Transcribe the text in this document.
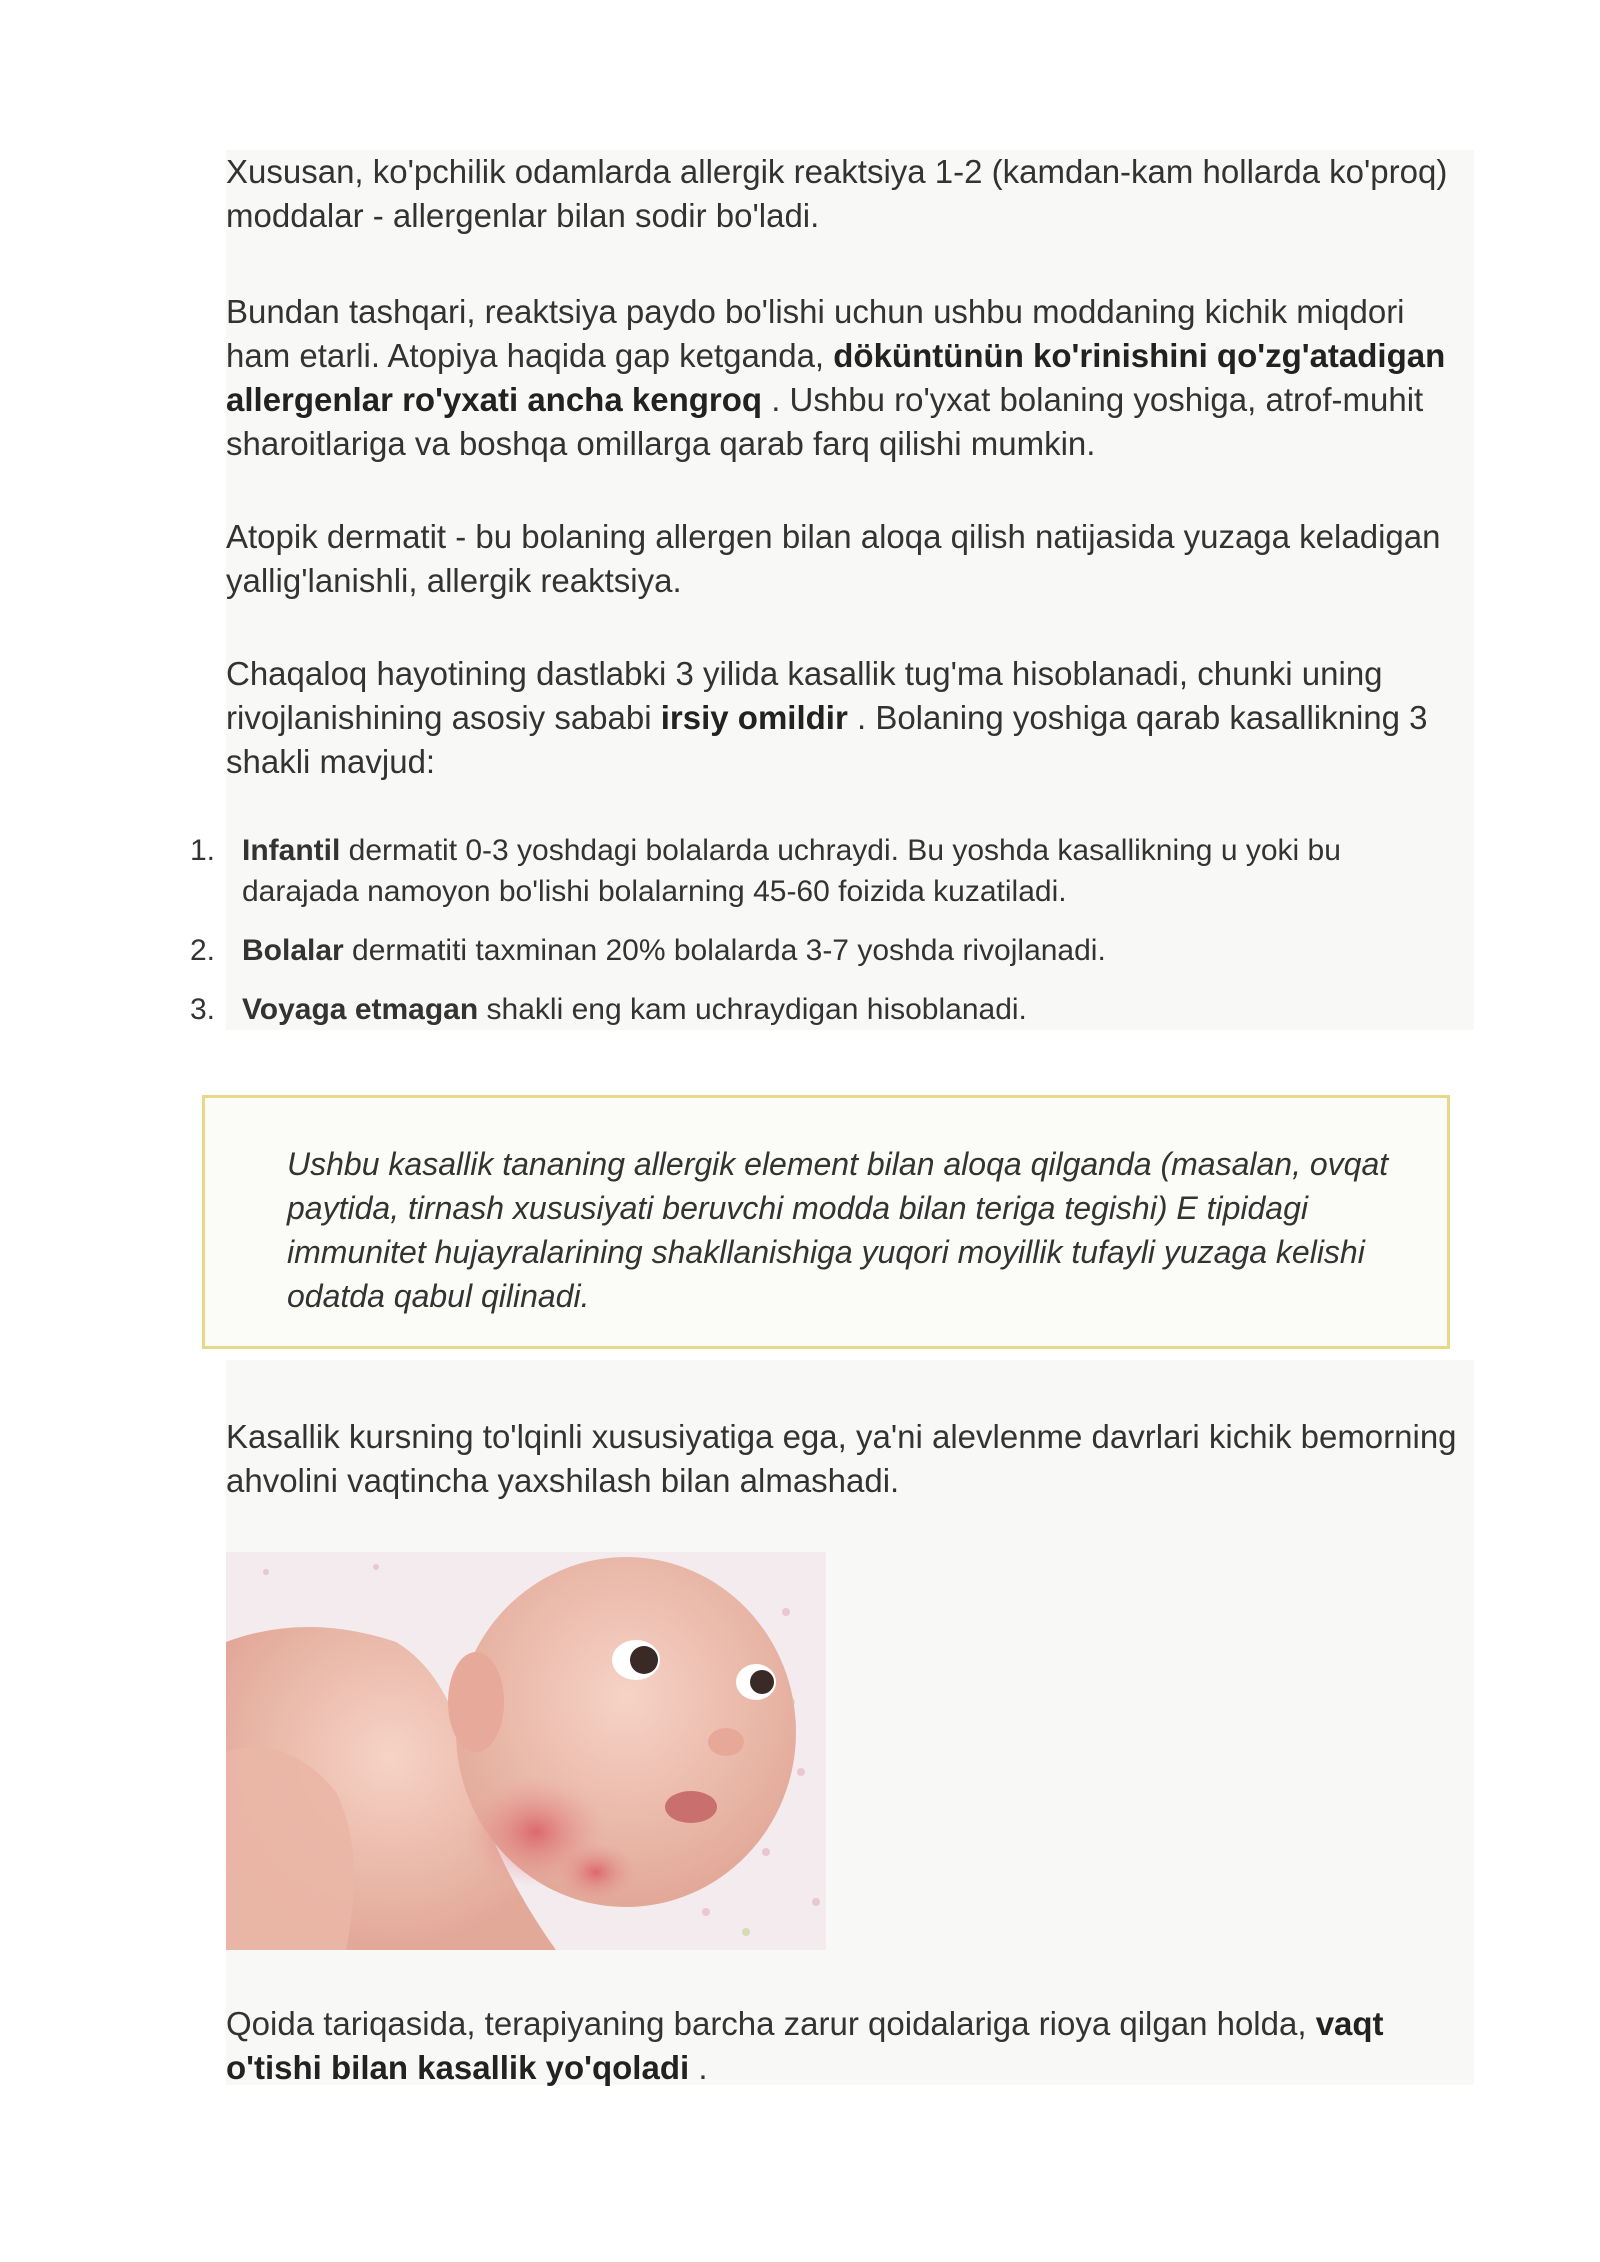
Xususan, ko'pchilik odamlarda allergik reaktsiya 1-2 (kamdan-kam hollarda ko'proq) moddalar - allergenlar bilan sodir bo'ladi.

Bundan tashqari, reaktsiya paydo bo'lishi uchun ushbu moddaning kichik miqdori ham etarli. Atopiya haqida gap ketganda, döküntünün ko'rinishini qo'zg'atadigan allergenlar ro'yxati ancha kengroq . Ushbu ro'yxat bolaning yoshiga, atrof-muhit sharoitlariga va boshqa omillarga qarab farq qilishi mumkin.

Atopik dermatit - bu bolaning allergen bilan aloqa qilish natijasida yuzaga keladigan yallig'lanishli, allergik reaktsiya.

Chaqaloq hayotining dastlabki 3 yilida kasallik tug'ma hisoblanadi, chunki uning rivojlanishining asosiy sababi irsiy omildir . Bolaning yoshiga qarab kasallikning 3 shakli mavjud:

1. Infantil dermatit 0-3 yoshdagi bolalarda uchraydi. Bu yoshda kasallikning u yoki bu darajada namoyon bo'lishi bolalarning 45-60 foizida kuzatiladi.
2. Bolalar dermatiti taxminan 20% bolalarda 3-7 yoshda rivojlanadi.
3. Voyaga etmagan shakli eng kam uchraydigan hisoblanadi.

Ushbu kasallik tananing allergik element bilan aloqa qilganda (masalan, ovqat paytida, tirnash xususiyati beruvchi modda bilan teriga tegishi) E tipidagi immunitet hujayralarining shakllanishiga yuqori moyillik tufayli yuzaga kelishi odatda qabul qilinadi.

Kasallik kursning to'lqinli xususiyatiga ega, ya'ni alevlenme davrlari kichik bemorning ahvolini vaqtincha yaxshilash bilan almashadi.

Qoida tariqasida, terapiyaning barcha zarur qoidalariga rioya qilgan holda, vaqt o'tishi bilan kasallik yo'qoladi .
